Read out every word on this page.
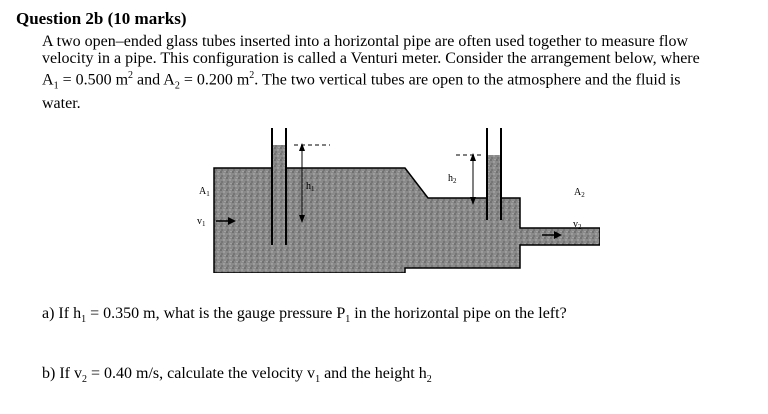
Question 2b (10 marks)
A two open–ended glass tubes inserted into a horizontal pipe are often used together to measure flow
velocity in a pipe. This configuration is called a Venturi meter. Consider the arrangement below, where
$A_1 = 0.500$ $m^2$ and $A_2 = 0.200$ $m^2$. The two vertical tubes are open to the atmosphere and the fluid is
water.
$A_1$
$v_1$
$h_1$
$h_2$
$A_2$
$v_2$
a) If $h_1 = 0.350$ m, what is the gauge pressure $P_1$ in the horizontal pipe on the left?
b) If $v_2 = 0.40$ m/s, calculate the velocity $v_1$ and the height $h_2$
